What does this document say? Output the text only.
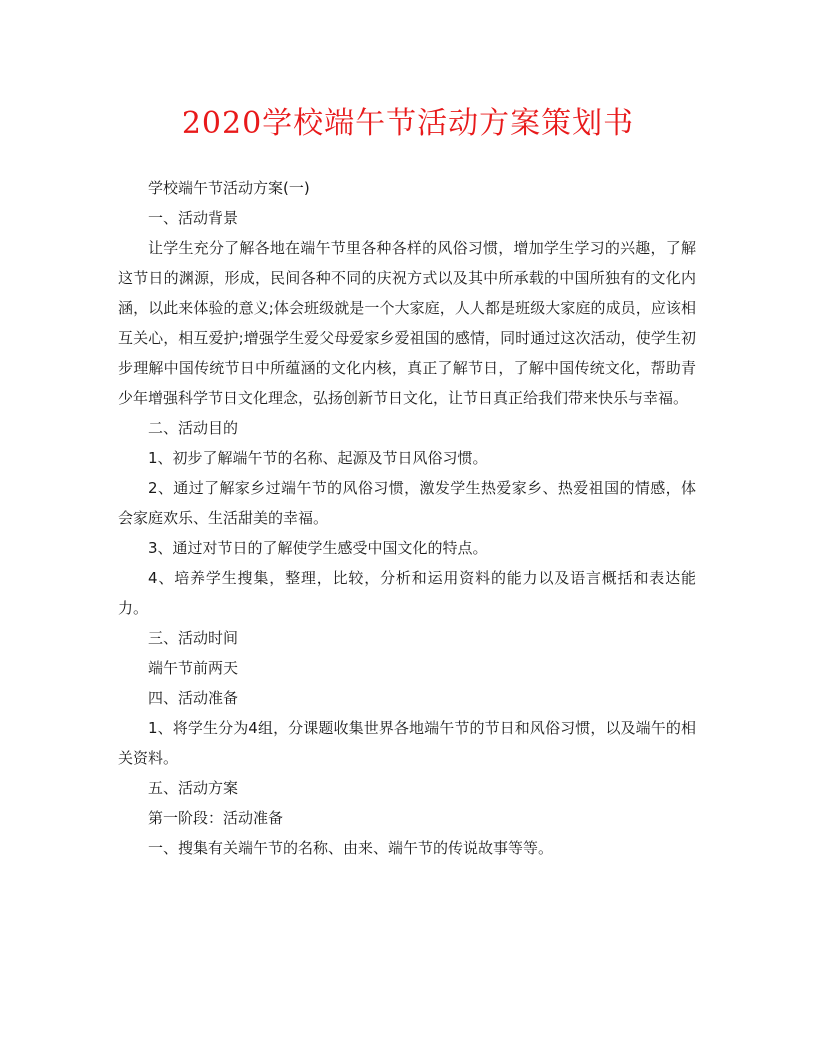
2020学校端午节活动方案策划书

学校端午节活动方案(一)

一、活动背景

让学生充分了解各地在端午节里各种各样的风俗习惯，增加学生学习的兴趣，了解这节日的渊源，形成，民间各种不同的庆祝方式以及其中所承载的中国所独有的文化内涵，以此来体验的意义;体会班级就是一个大家庭，人人都是班级大家庭的成员，应该相互关心，相互爱护;增强学生爱父母爱家乡爱祖国的感情，同时通过这次活动，使学生初步理解中国传统节日中所蕴涵的文化内核，真正了解节日，了解中国传统文化，帮助青少年增强科学节日文化理念，弘扬创新节日文化，让节日真正给我们带来快乐与幸福。

二、活动目的

1、初步了解端午节的名称、起源及节日风俗习惯。

2、通过了解家乡过端午节的风俗习惯，激发学生热爱家乡、热爱祖国的情感，体会家庭欢乐、生活甜美的幸福。

3、通过对节日的了解使学生感受中国文化的特点。

4、培养学生搜集，整理，比较，分析和运用资料的能力以及语言概括和表达能力。

三、活动时间

端午节前两天

四、活动准备

1、将学生分为4组，分课题收集世界各地端午节的节日和风俗习惯，以及端午的相关资料。

五、活动方案

第一阶段：活动准备

一、搜集有关端午节的名称、由来、端午节的传说故事等等。
